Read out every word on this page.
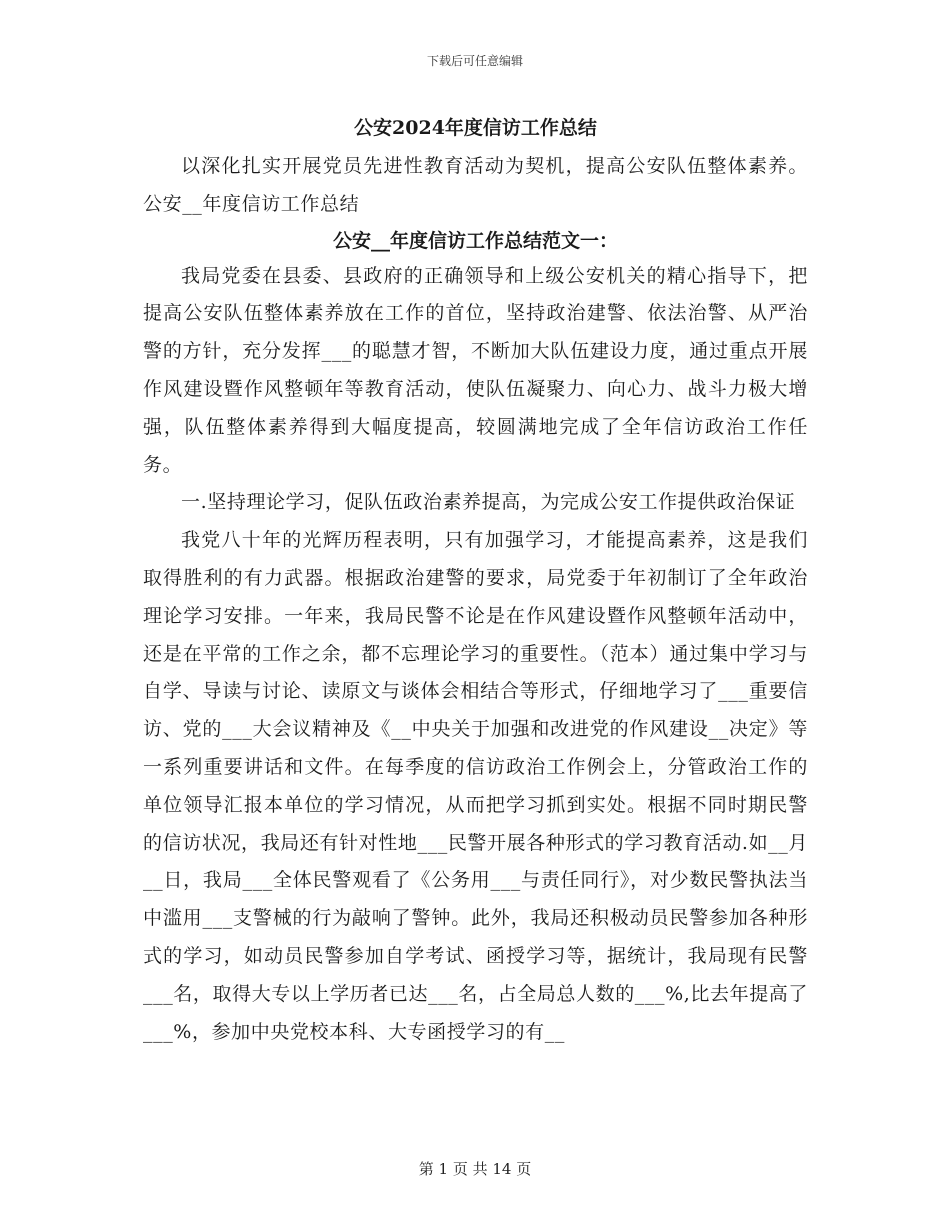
下载后可任意编辑
公安2024年度信访工作总结

以深化扎实开展党员先进性教育活动为契机，提高公安队伍整体素养。公安__年度信访工作总结

公安__年度信访工作总结范文一：

我局党委在县委、县政府的正确领导和上级公安机关的精心指导下，把提高公安队伍整体素养放在工作的首位，坚持政治建警、依法治警、从严治警的方针，充分发挥___的聪慧才智，不断加大队伍建设力度，通过重点开展作风建设暨作风整顿年等教育活动，使队伍凝聚力、向心力、战斗力极大增强，队伍整体素养得到大幅度提高，较圆满地完成了全年信访政治工作任务。

一.坚持理论学习，促队伍政治素养提高，为完成公安工作提供政治保证

我党八十年的光辉历程表明，只有加强学习，才能提高素养，这是我们取得胜利的有力武器。根据政治建警的要求，局党委于年初制订了全年政治理论学习安排。一年来，我局民警不论是在作风建设暨作风整顿年活动中，还是在平常的工作之余，都不忘理论学习的重要性。（范本）通过集中学习与自学、导读与讨论、读原文与谈体会相结合等形式，仔细地学习了___重要信访、党的___大会议精神及《__中央关于加强和改进党的作风建设__决定》等一系列重要讲话和文件。在每季度的信访政治工作例会上，分管政治工作的单位领导汇报本单位的学习情况，从而把学习抓到实处。根据不同时期民警的信访状况，我局还有针对性地___民警开展各种形式的学习教育活动.如__月__日，我局___全体民警观看了《公务用___与责任同行》，对少数民警执法当中滥用___支警械的行为敲响了警钟。此外，我局还积极动员民警参加各种形式的学习，如动员民警参加自学考试、函授学习等，据统计，我局现有民警___名，取得大专以上学历者已达___名，占全局总人数的___%,比去年提高了___%，参加中央党校本科、大专函授学习的有__

第 1 页 共 14 页
